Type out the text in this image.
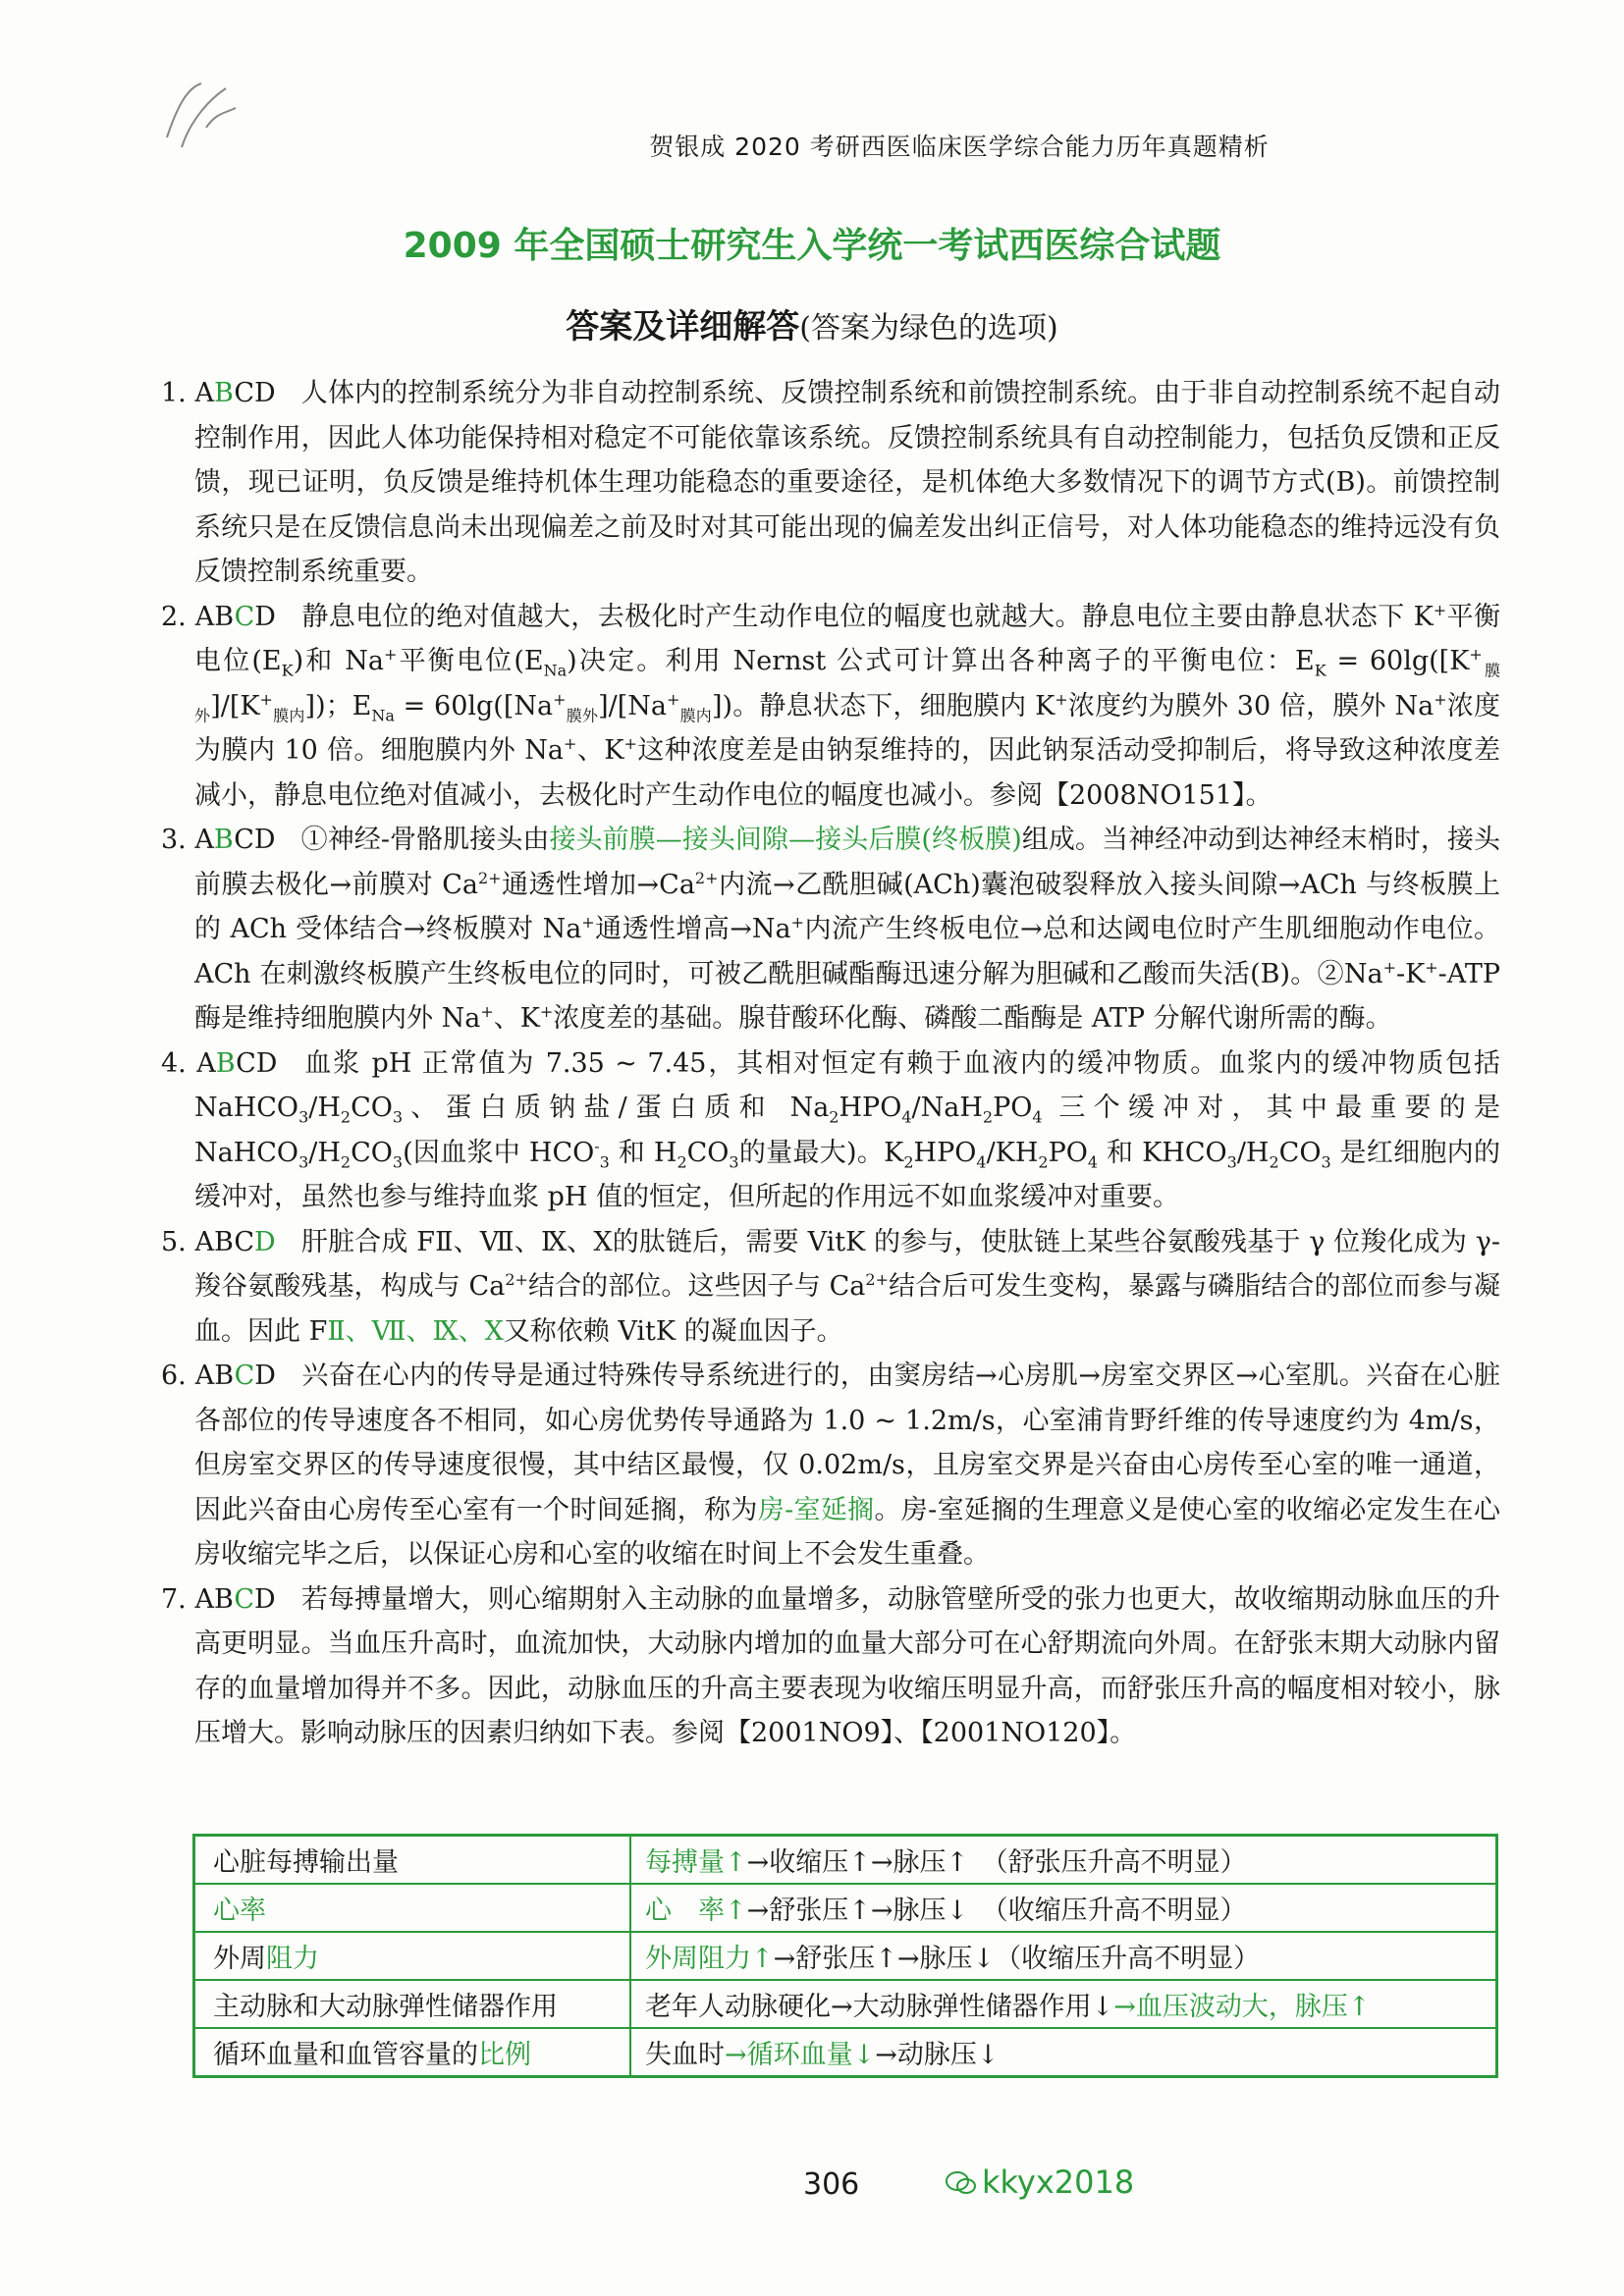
贺银成 2020 考研西医临床医学综合能力历年真题精析
2009 年全国硕士研究生入学统一考试西医综合试题
答案及详细解答(答案为绿色的选项)

1. ABCD 人体内的控制系统分为非自动控制系统、反馈控制系统和前馈控制系统。由于非自动控制系统不起自动控制作用，因此人体功能保持相对稳定不可能依靠该系统。反馈控制系统具有自动控制能力，包括负反馈和正反馈，现已证明，负反馈是维持机体生理功能稳态的重要途径，是机体绝大多数情况下的调节方式(B)。前馈控制系统只是在反馈信息尚未出现偏差之前及时对其可能出现的偏差发出纠正信号，对人体功能稳态的维持远没有负反馈控制系统重要。

2. ABCD 静息电位的绝对值越大，去极化时产生动作电位的幅度也就越大。静息电位主要由静息状态下 K+平衡电位$(E_K)$和 Na+平衡电位$(E_{Na})$决定。利用 Nernst 公式可计算出各种离子的平衡电位：$E_K = 60\lg([K^+_{膜外}]/[K^+_{膜内}])$；$E_{Na} = 60\lg([Na^+_{膜外}]/[Na^+_{膜内}])$。静息状态下，细胞膜内 K+浓度约为膜外 30 倍，膜外 Na+浓度为膜内 10 倍。细胞膜内外 Na+、K+这种浓度差是由钠泵维持的，因此钠泵活动受抑制后，将导致这种浓度差减小，静息电位绝对值减小，去极化时产生动作电位的幅度也减小。参阅【2008NO151】。

3. ABCD ①神经-骨骼肌接头由接头前膜—接头间隙—接头后膜(终板膜)组成。当神经冲动到达神经末梢时，接头前膜去极化→前膜对 $Ca^{2+}$通透性增加$\to Ca^{2+}$内流→乙酰胆碱(ACh)囊泡破裂释放入接头间隙→ACh 与终板膜上的 ACh 受体结合→终板膜对 Na+通透性增高→Na+内流产生终板电位→总和达阈电位时产生肌细胞动作电位。ACh 在刺激终板膜产生终板电位的同时，可被乙酰胆碱酯酶迅速分解为胆碱和乙酸而失活(B)。②Na+-K+-ATP 酶是维持细胞膜内外 Na+、K+浓度差的基础。腺苷酸环化酶、磷酸二酯酶是 ATP 分解代谢所需的酶。

4. ABCD 血浆 pH 正常值为 7.35 ~ 7.45，其相对恒定有赖于血液内的缓冲物质。血浆内的缓冲物质包括 $NaHCO_3/H_2CO_3$、蛋白质钠盐/蛋白质和 $Na_2HPO_4/NaH_2PO_4$ 三个缓冲对，其中最重要的是 $NaHCO_3/H_2CO_3$(因血浆中 $HCO^-_3$ 和 $H_2CO_3$的量最大)。$K_2HPO_4/KH_2PO_4$ 和 $KHCO_3/H_2CO_3$ 是红细胞内的缓冲对，虽然也参与维持血浆 pH 值的恒定，但所起的作用远不如血浆缓冲对重要。

5. ABCD 肝脏合成 FⅡ、Ⅶ、Ⅸ、Ⅹ的肽链后，需要 VitK 的参与，使肽链上某些谷氨酸残基于 γ 位羧化成为 γ-羧谷氨酸残基，构成与 $Ca^{2+}$结合的部位。这些因子与 $Ca^{2+}$结合后可发生变构，暴露与磷脂结合的部位而参与凝血。因此 FⅡ、Ⅶ、Ⅸ、Ⅹ又称依赖 VitK 的凝血因子。

6. ABCD 兴奋在心内的传导是通过特殊传导系统进行的，由窦房结→心房肌→房室交界区→心室肌。兴奋在心脏各部位的传导速度各不相同，如心房优势传导通路为 1.0 ~ 1.2m/s，心室浦肯野纤维的传导速度约为 4m/s，但房室交界区的传导速度很慢，其中结区最慢，仅 0.02m/s，且房室交界是兴奋由心房传至心室的唯一通道，因此兴奋由心房传至心室有一个时间延搁，称为房-室延搁。房-室延搁的生理意义是使心室的收缩必定发生在心房收缩完毕之后，以保证心房和心室的收缩在时间上不会发生重叠。

7. ABCD 若每搏量增大，则心缩期射入主动脉的血量增多，动脉管壁所受的张力也更大，故收缩期动脉血压的升高更明显。当血压升高时，血流加快，大动脉内增加的血量大部分可在心舒期流向外周。在舒张末期大动脉内留存的血量增加得并不多。因此，动脉血压的升高主要表现为收缩压明显升高，而舒张压升高的幅度相对较小，脉压增大。影响动脉压的因素归纳如下表。参阅【2001NO9】、【2001NO120】。

心脏每搏输出量	每搏量↑→收缩压↑→脉压↑　（舒张压升高不明显）
心率	心　率↑→舒张压↑→脉压↓　（收缩压升高不明显）
外周阻力	外周阻力↑→舒张压↑→脉压↓（收缩压升高不明显）
主动脉和大动脉弹性储器作用	老年人动脉硬化→大动脉弹性储器作用↓→血压波动大，脉压↑
循环血量和血管容量的比例	失血时→循环血量↓→动脉压↓
306	kkyx2018
